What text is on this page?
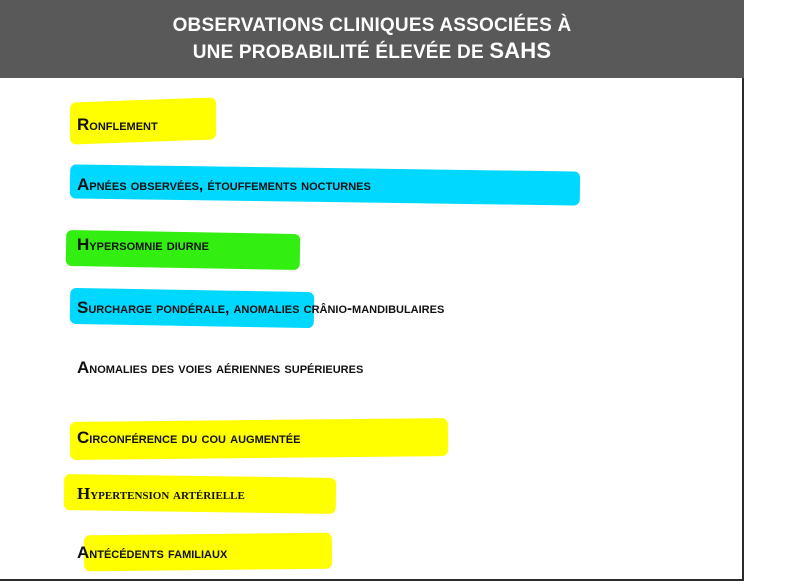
OBSERVATIONS CLINIQUES ASSOCIÉES À
UNE PROBABILITÉ ÉLEVÉE DE SAHS
Ronflement
Apnées observées, étouffements nocturnes
Hypersomnie diurne
Surcharge pondérale, anomalies crânio-mandibulaires
Anomalies des voies aériennes supérieures
Circonférence du cou augmentée
Hypertension artérielle
Antécédents familiaux
